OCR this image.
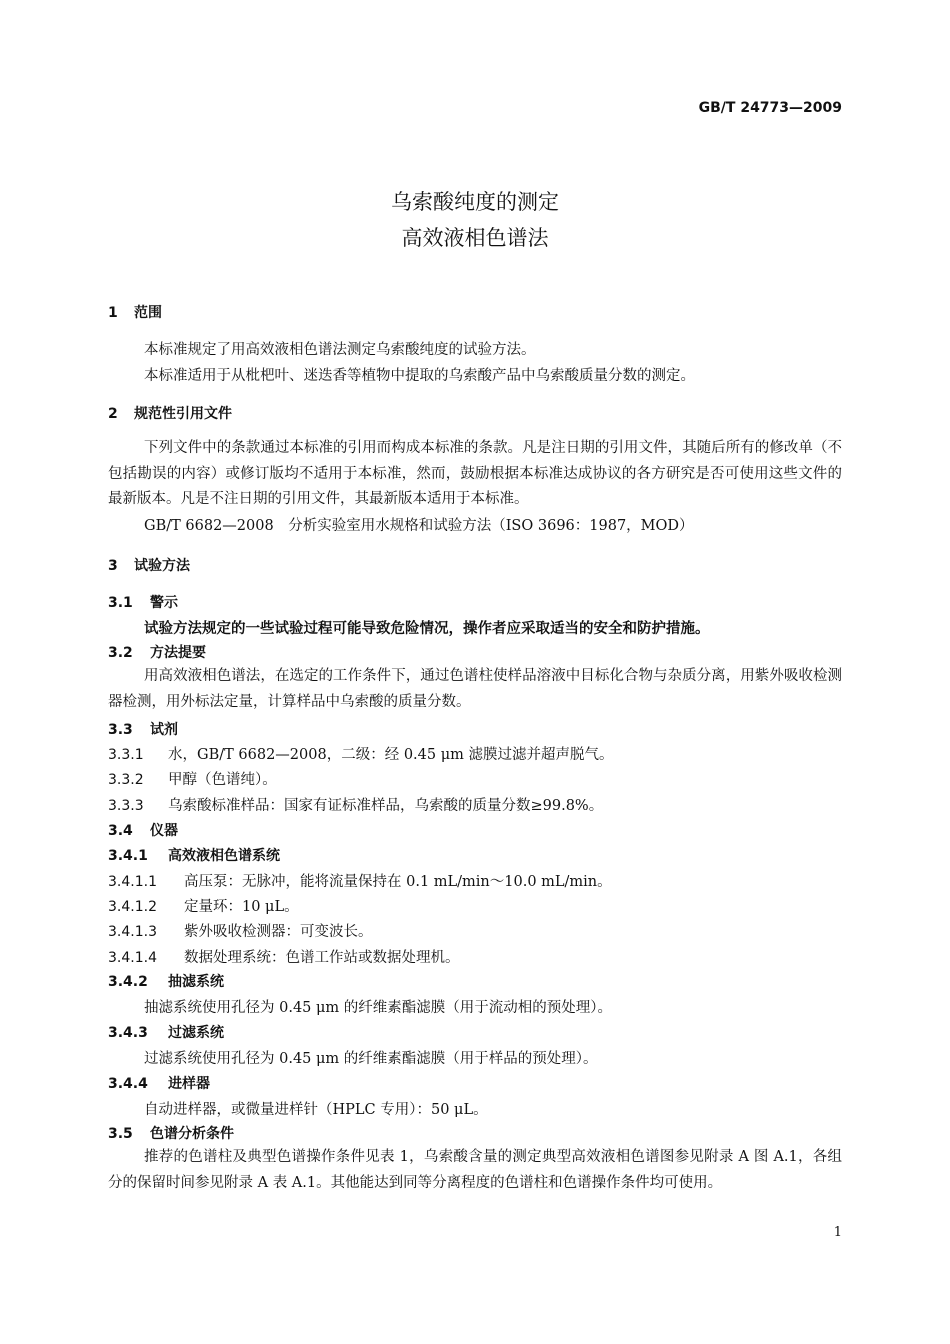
GB/T 24773—2009
乌索酸纯度的测定
高效液相色谱法
1 范围
本标准规定了用高效液相色谱法测定乌索酸纯度的试验方法。
本标准适用于从枇杷叶、迷迭香等植物中提取的乌索酸产品中乌索酸质量分数的测定。
2 规范性引用文件
下列文件中的条款通过本标准的引用而构成本标准的条款。凡是注日期的引用文件，其随后所有的修改单（不包括勘误的内容）或修订版均不适用于本标准，然而，鼓励根据本标准达成协议的各方研究是否可使用这些文件的最新版本。凡是不注日期的引用文件，其最新版本适用于本标准。
GB/T 6682—2008　分析实验室用水规格和试验方法（ISO 3696：1987，MOD）
3 试验方法
3.1 警示
试验方法规定的一些试验过程可能导致危险情况，操作者应采取适当的安全和防护措施。
3.2 方法提要
用高效液相色谱法，在选定的工作条件下，通过色谱柱使样品溶液中目标化合物与杂质分离，用紫外吸收检测器检测，用外标法定量，计算样品中乌索酸的质量分数。
3.3 试剂
3.3.1 水，GB/T 6682—2008，二级：经 0.45 μm 滤膜过滤并超声脱气。
3.3.2 甲醇（色谱纯）。
3.3.3 乌索酸标准样品：国家有证标准样品，乌索酸的质量分数≥99.8%。
3.4 仪器
3.4.1 高效液相色谱系统
3.4.1.1 高压泵：无脉冲，能将流量保持在 0.1 mL/min～10.0 mL/min。
3.4.1.2 定量环：10 μL。
3.4.1.3 紫外吸收检测器：可变波长。
3.4.1.4 数据处理系统：色谱工作站或数据处理机。
3.4.2 抽滤系统
抽滤系统使用孔径为 0.45 μm 的纤维素酯滤膜（用于流动相的预处理）。
3.4.3 过滤系统
过滤系统使用孔径为 0.45 μm 的纤维素酯滤膜（用于样品的预处理）。
3.4.4 进样器
自动进样器，或微量进样针（HPLC 专用）：50 μL。
3.5 色谱分析条件
推荐的色谱柱及典型色谱操作条件见表 1，乌索酸含量的测定典型高效液相色谱图参见附录 A 图 A.1，各组分的保留时间参见附录 A 表 A.1。其他能达到同等分离程度的色谱柱和色谱操作条件均可使用。
1
